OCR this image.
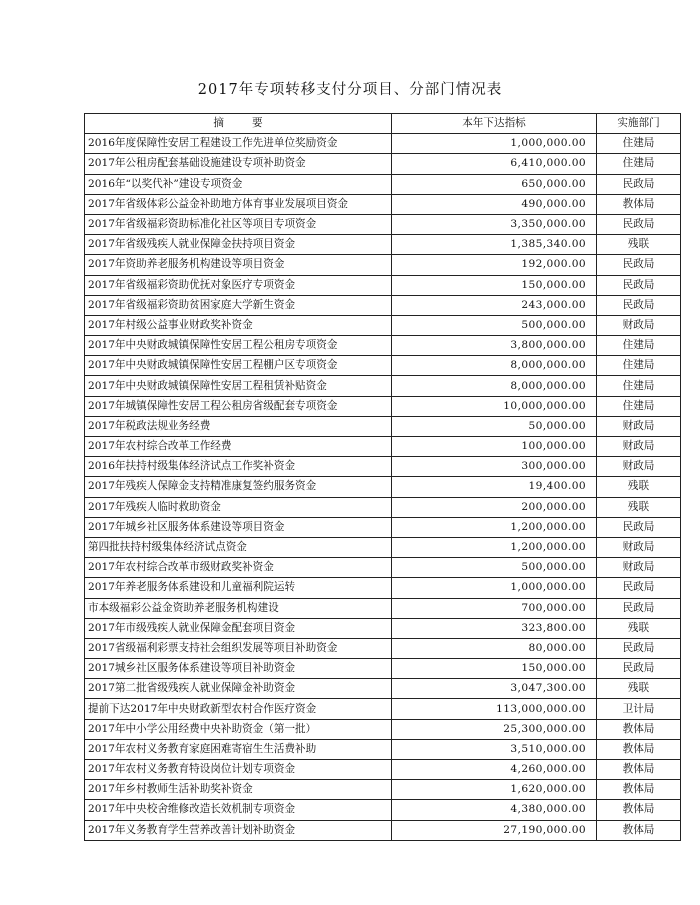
2017年专项转移支付分项目、分部门情况表
摘要	本年下达指标	实施部门
2016年度保障性安居工程建设工作先进单位奖励资金	1,000,000.00	住建局
2017年公租房配套基础设施建设专项补助资金	6,410,000.00	住建局
2016年“以奖代补”建设专项资金	650,000.00	民政局
2017年省级体彩公益金补助地方体育事业发展项目资金	490,000.00	教体局
2017年省级福彩资助标准化社区等项目专项资金	3,350,000.00	民政局
2017年省级残疾人就业保障金扶持项目资金	1,385,340.00	残联
2017年资助养老服务机构建设等项目资金	192,000.00	民政局
2017年省级福彩资助优抚对象医疗专项资金	150,000.00	民政局
2017年省级福彩资助贫困家庭大学新生资金	243,000.00	民政局
2017年村级公益事业财政奖补资金	500,000.00	财政局
2017年中央财政城镇保障性安居工程公租房专项资金	3,800,000.00	住建局
2017年中央财政城镇保障性安居工程棚户区专项资金	8,000,000.00	住建局
2017年中央财政城镇保障性安居工程租赁补贴资金	8,000,000.00	住建局
2017年城镇保障性安居工程公租房省级配套专项资金	10,000,000.00	住建局
2017年税政法规业务经费	50,000.00	财政局
2017年农村综合改革工作经费	100,000.00	财政局
2016年扶持村级集体经济试点工作奖补资金	300,000.00	财政局
2017年残疾人保障金支持精准康复签约服务资金	19,400.00	残联
2017年残疾人临时救助资金	200,000.00	残联
2017年城乡社区服务体系建设等项目资金	1,200,000.00	民政局
第四批扶持村级集体经济试点资金	1,200,000.00	财政局
2017年农村综合改革市级财政奖补资金	500,000.00	财政局
2017年养老服务体系建设和儿童福利院运转	1,000,000.00	民政局
市本级福彩公益金资助养老服务机构建设	700,000.00	民政局
2017年市级残疾人就业保障金配套项目资金	323,800.00	残联
2017省级福利彩票支持社会组织发展等项目补助资金	80,000.00	民政局
2017城乡社区服务体系建设等项目补助资金	150,000.00	民政局
2017第二批省级残疾人就业保障金补助资金	3,047,300.00	残联
提前下达2017年中央财政新型农村合作医疗资金	113,000,000.00	卫计局
2017年中小学公用经费中央补助资金（第一批）	25,300,000.00	教体局
2017年农村义务教育家庭困难寄宿生生活费补助	3,510,000.00	教体局
2017年农村义务教育特设岗位计划专项资金	4,260,000.00	教体局
2017年乡村教师生活补助奖补资金	1,620,000.00	教体局
2017年中央校舍维修改造长效机制专项资金	4,380,000.00	教体局
2017年义务教育学生营养改善计划补助资金	27,190,000.00	教体局
